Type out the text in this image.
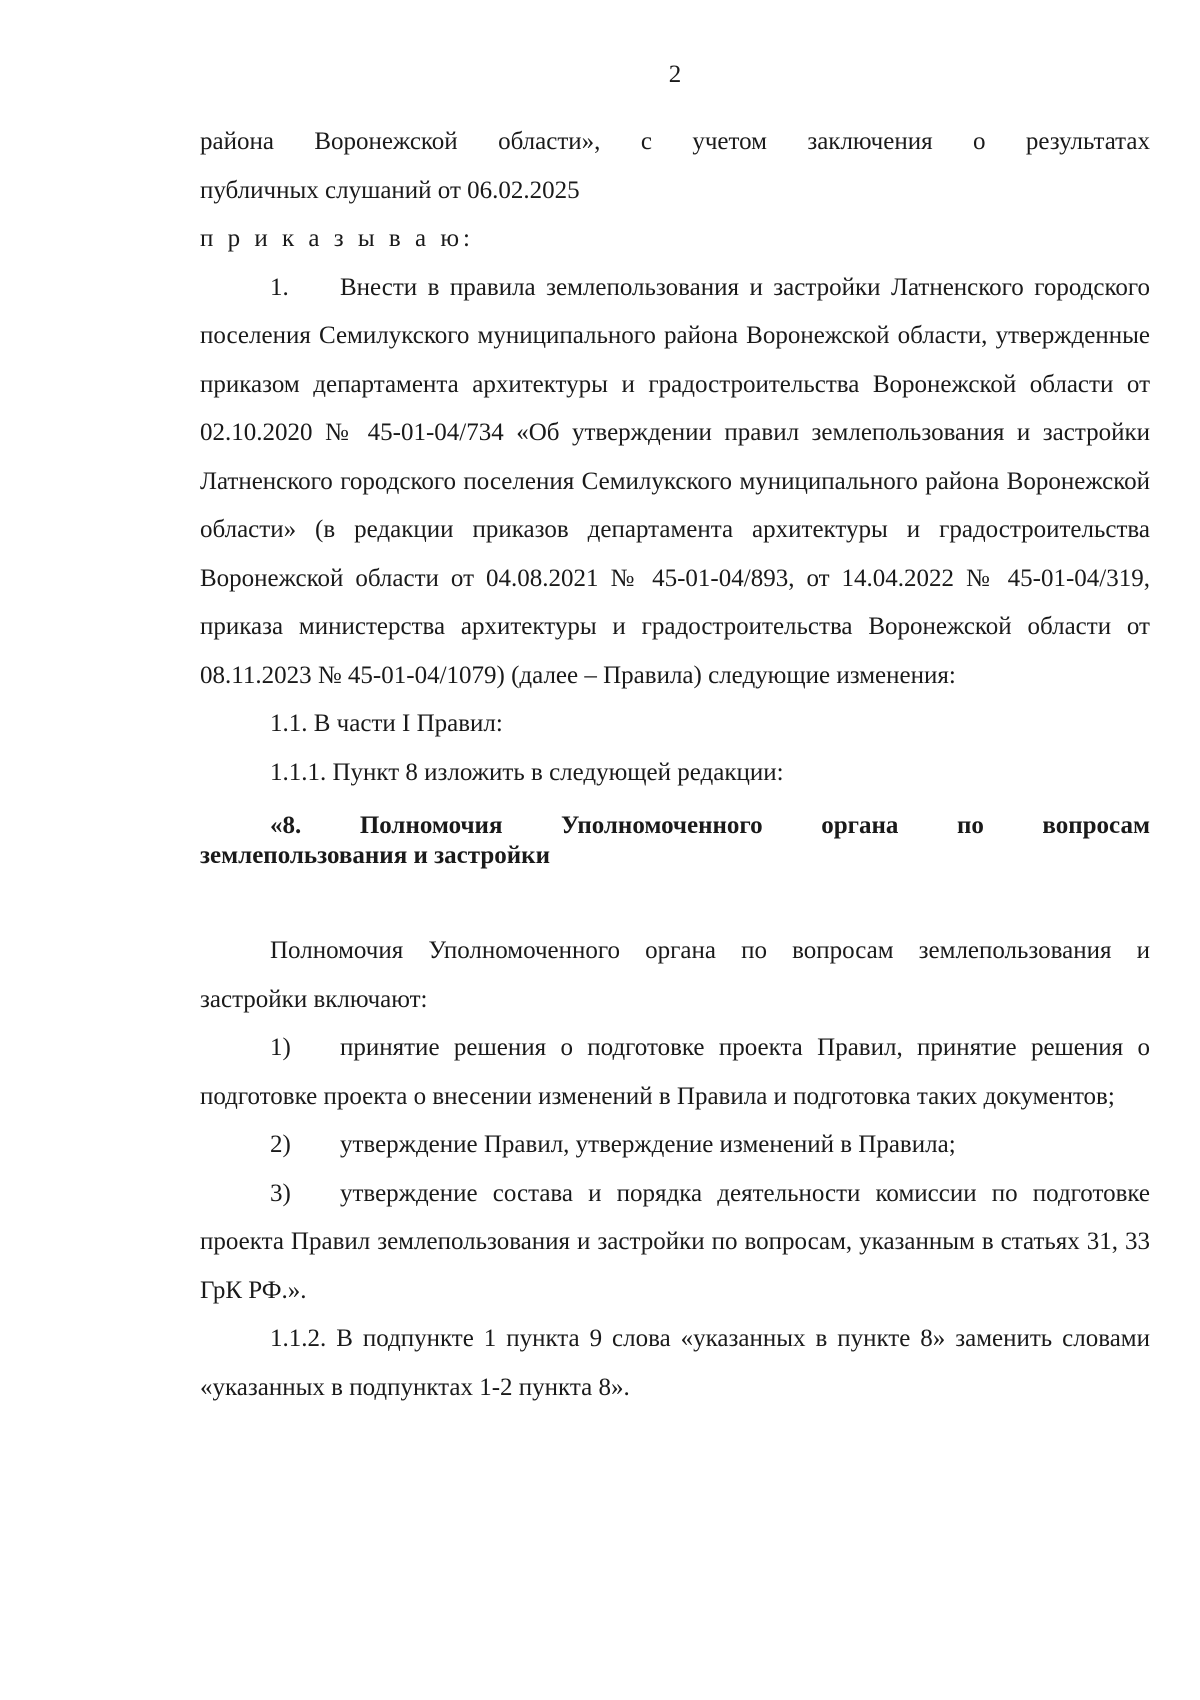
2

района Воронежской области», с учетом заключения о результатах

публичных слушаний от 06.02.2025

п р и к а з ы в а ю:

1. Внести в правила землепользования и застройки Латненского городского поселения Семилукского муниципального района Воронежской области, утвержденные приказом департамента архитектуры и градостроительства Воронежской области от 02.10.2020 № 45-01-04/734 «Об утверждении правил землепользования и застройки Латненского городского поселения Семилукского муниципального района Воронежской области» (в редакции приказов департамента архитектуры и градостроительства Воронежской области от 04.08.2021 № 45-01-04/893, от 14.04.2022 № 45-01-04/319, приказа министерства архитектуры и градостроительства Воронежской области от 08.11.2023 № 45-01-04/1079) (далее – Правила) следующие изменения:

1.1. В части I Правил:

1.1.1. Пункт 8 изложить в следующей редакции:

«8. Полномочия Уполномоченного органа по вопросам
землепользования и застройки

Полномочия Уполномоченного органа по вопросам землепользования и застройки включают:

1) принятие решения о подготовке проекта Правил, принятие решения о подготовке проекта о внесении изменений в Правила и подготовка таких документов;

2) утверждение Правил, утверждение изменений в Правила;

3) утверждение состава и порядка деятельности комиссии по подготовке проекта Правил землепользования и застройки по вопросам, указанным в статьях 31, 33 ГрК РФ.».

1.1.2. В подпункте 1 пункта 9 слова «указанных в пункте 8» заменить словами «указанных в подпунктах 1-2 пункта 8».
